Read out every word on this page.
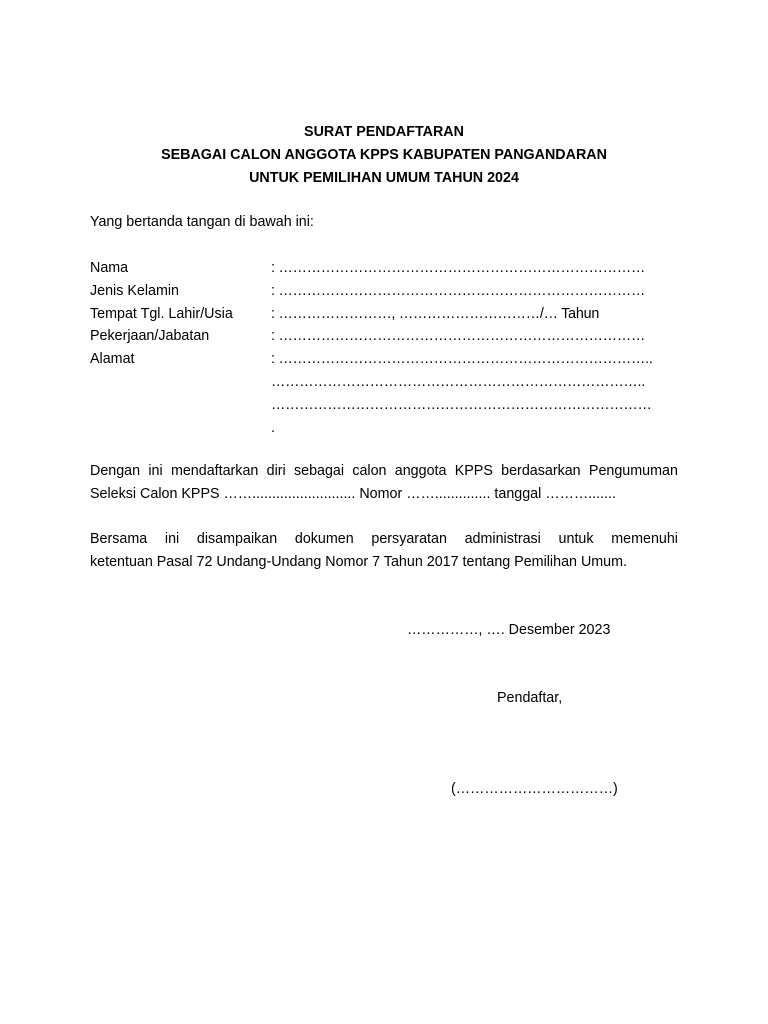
SURAT PENDAFTARAN
SEBAGAI CALON ANGGOTA KPPS KABUPATEN PANGANDARAN
UNTUK PEMILIHAN UMUM TAHUN 2024
Yang bertanda tangan di bawah ini:
Nama	: ……………………………………………………………………
Jenis Kelamin	: ……………………………………………………………………
Tempat Tgl. Lahir/Usia	: ……………………, …………………………/… Tahun
Pekerjaan/Jabatan	: ……………………………………………………………………
Alamat	: ……………………………………………………………………..
……………………………………………………………………..
………………………………………………………………………
.
Dengan ini mendaftarkan diri sebagai calon anggota KPPS berdasarkan Pengumuman
Seleksi Calon KPPS …….......................... Nomor …….............. tanggal ……….......
Bersama ini disampaikan dokumen persyaratan administrasi untuk memenuhi
ketentuan Pasal 72 Undang-Undang Nomor 7 Tahun 2017 tentang Pemilihan Umum.
……………, …. Desember 2023
Pendaftar,
(……………………………)
